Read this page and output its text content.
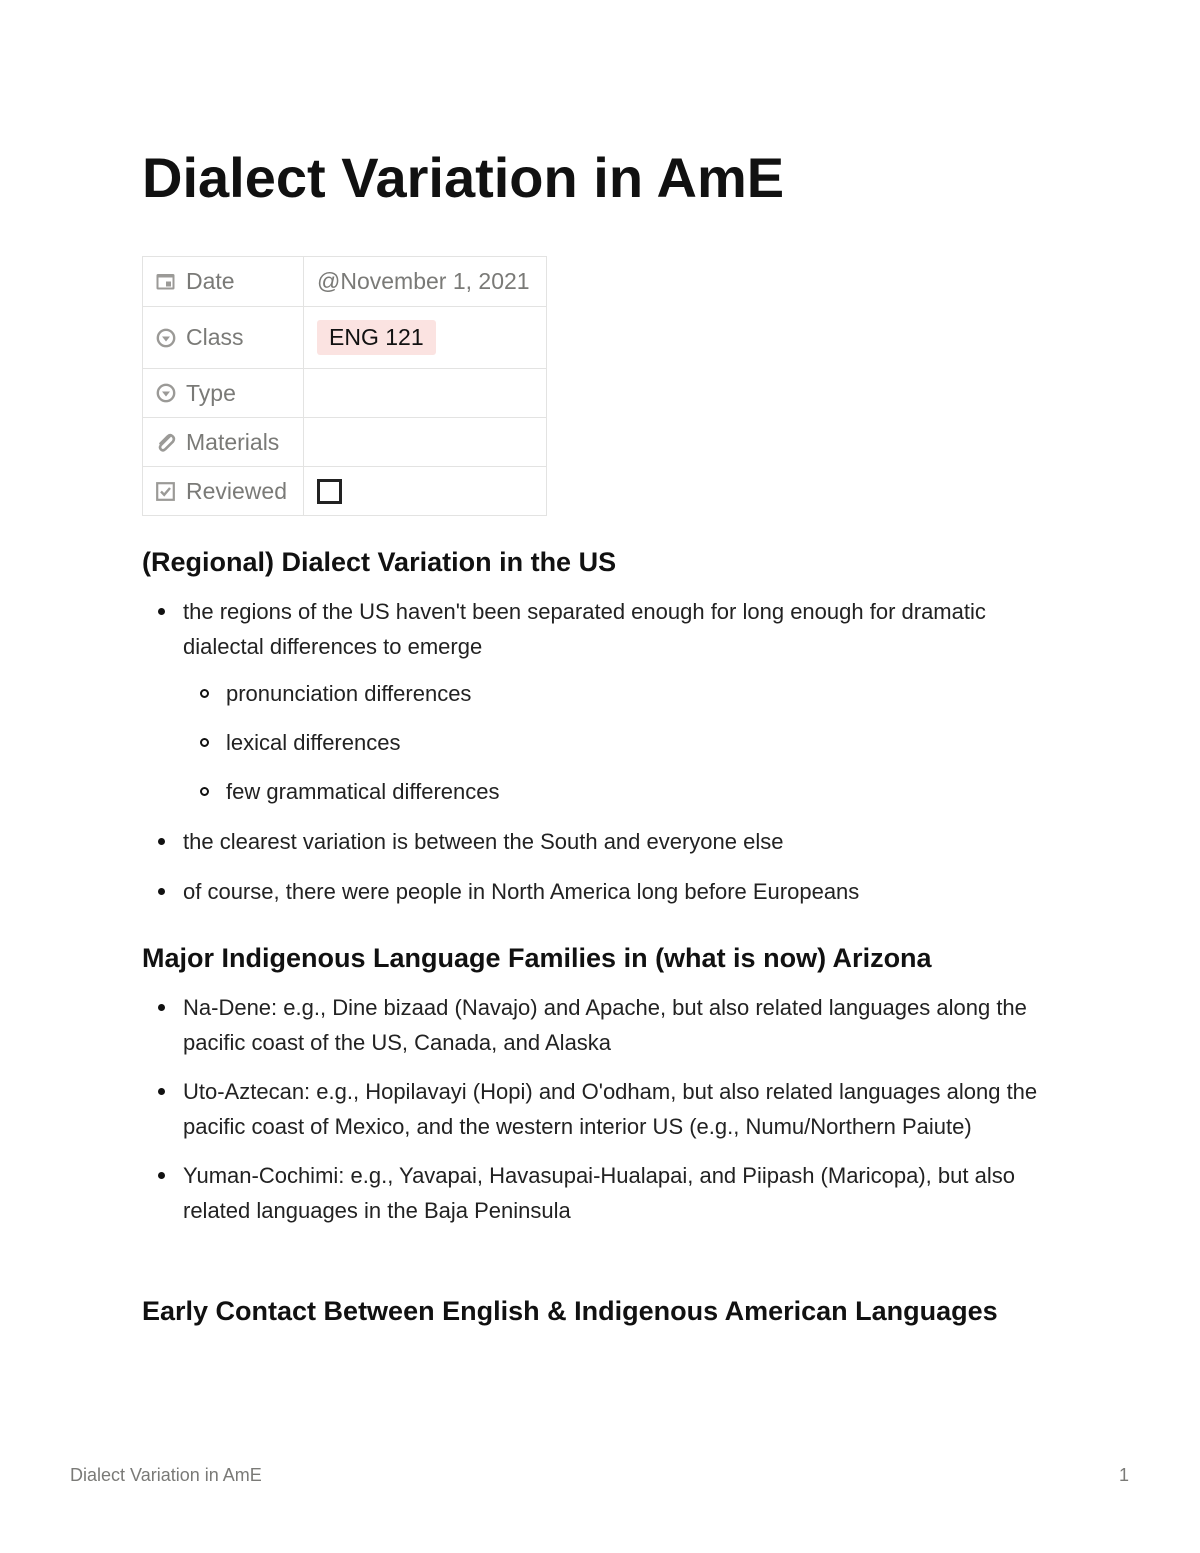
Dialect Variation in AmE
Date	@November 1, 2021

Class	ENG 121

Type	

Materials	

Reviewed	

(Regional) Dialect Variation in the US
the regions of the US haven't been separated enough for long enough for dramatic dialectal differences to emerge
pronunciation differences
lexical differences
few grammatical differences
the clearest variation is between the South and everyone else
of course, there were people in North America long before Europeans
Major Indigenous Language Families in (what is now) Arizona
Na-Dene: e.g., Dine bizaad (Navajo) and Apache, but also related languages along the pacific coast of the US, Canada, and Alaska
Uto-Aztecan: e.g., Hopilavayi (Hopi) and O'odham, but also related languages along the pacific coast of Mexico, and the western interior US (e.g., Numu/Northern Paiute)
Yuman-Cochimi: e.g., Yavapai, Havasupai-Hualapai, and Piipash (Maricopa), but also related languages in the Baja Peninsula
Early Contact Between English & Indigenous American Languages
Dialect Variation in AmE	1
